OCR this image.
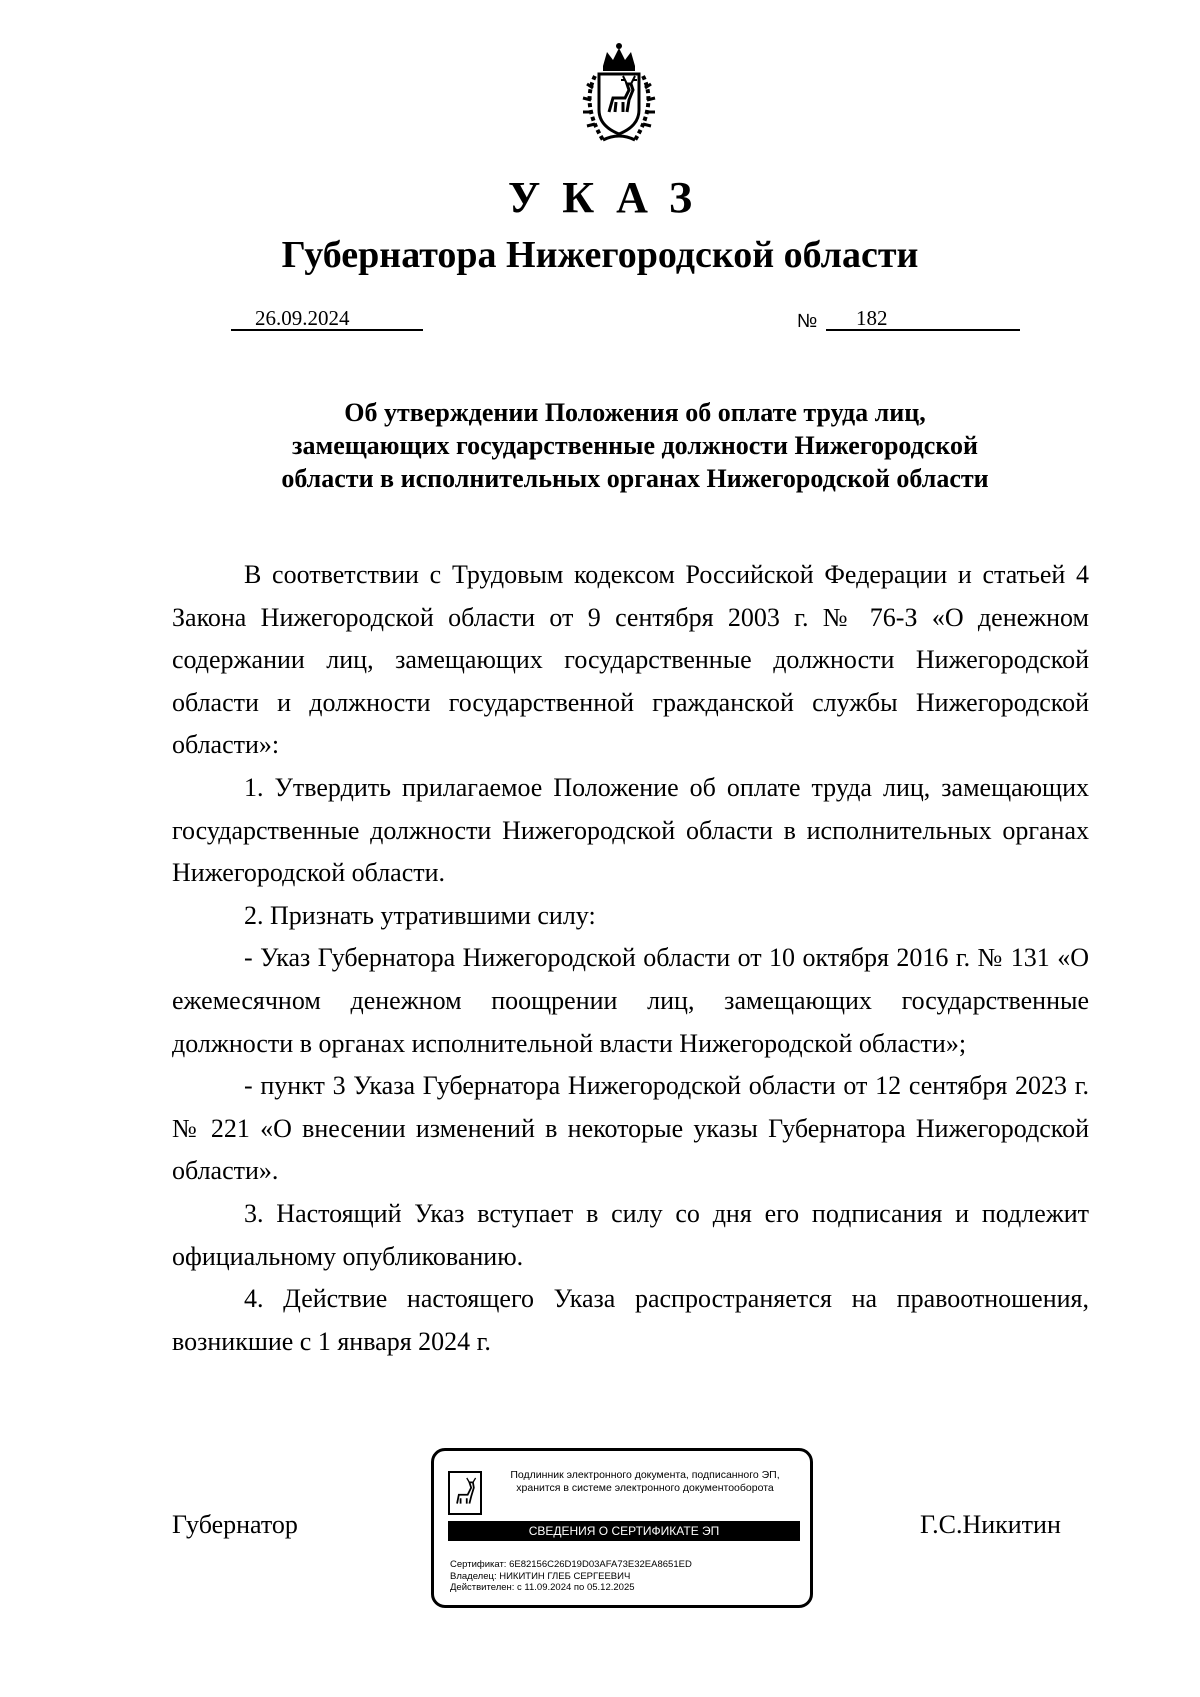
УКАЗ
Губернатора Нижегородской области
26.09.2024	№	182
Об утверждении Положения об оплате труда лиц,
замещающих государственные должности Нижегородской
области в исполнительных органах Нижегородской области

В соответствии с Трудовым кодексом Российской Федерации и статьей 4 Закона Нижегородской области от 9 сентября 2003 г. № 76-З «О денежном содержании лиц, замещающих государственные должности Нижегородской области и должности государственной гражданской службы Нижегородской области»:

1. Утвердить прилагаемое Положение об оплате труда лиц, замещающих государственные должности Нижегородской области в исполнительных органах Нижегородской области.

2. Признать утратившими силу:

- Указ Губернатора Нижегородской области от 10 октября 2016 г. № 131 «О ежемесячном денежном поощрении лиц, замещающих государственные должности в органах исполнительной власти Нижегородской области»;

- пункт 3 Указа Губернатора Нижегородской области от 12 сентября 2023 г. № 221 «О внесении изменений в некоторые указы Губернатора Нижегородской области».

3. Настоящий Указ вступает в силу со дня его подписания и подлежит официальному опубликованию.

4. Действие настоящего Указа распространяется на правоотношения, возникшие с 1 января 2024 г.

Губернатор	Г.С.Никитин
Подлинник электронного документа, подписанного ЭП,
хранится в системе электронного документооборота
СВЕДЕНИЯ О СЕРТИФИКАТЕ ЭП
Сертификат: 6E82156C26D19D03AFA73E32EA8651ED
Владелец: НИКИТИН ГЛЕБ СЕРГЕЕВИЧ
Действителен: с 11.09.2024 по 05.12.2025
